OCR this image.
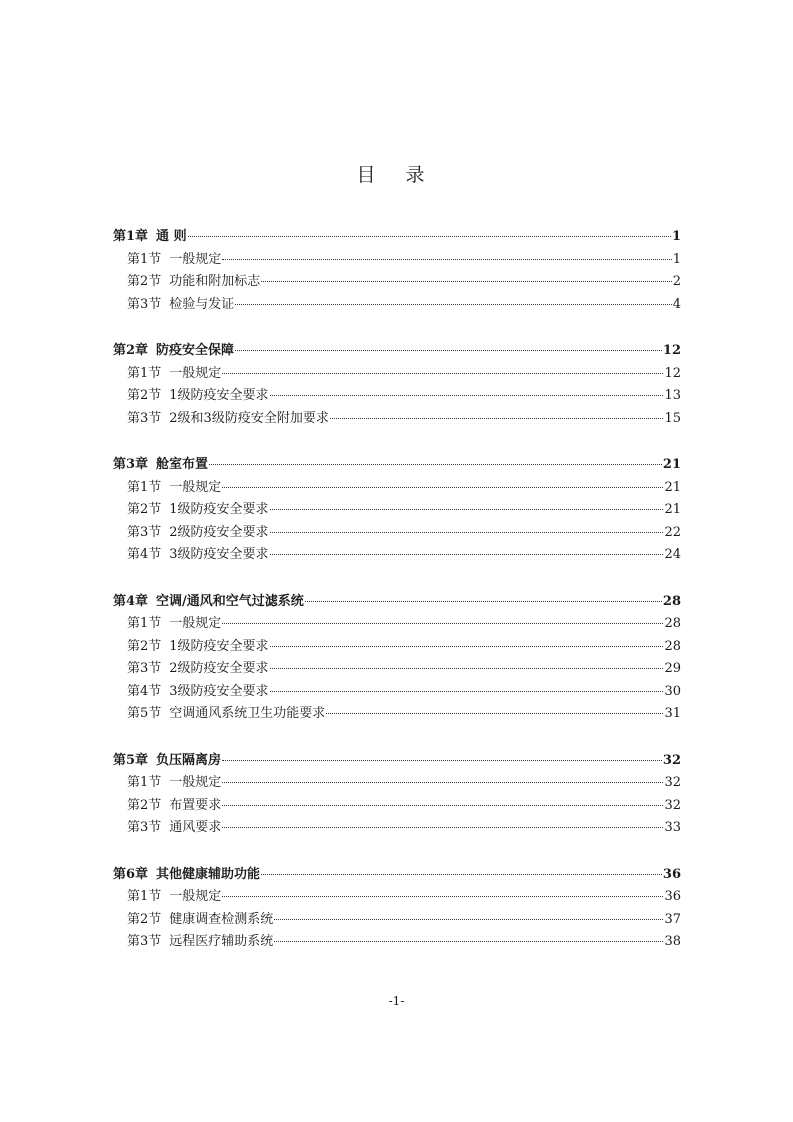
目 录
第1章 通 则	1
第1节 一般规定	1
第2节 功能和附加标志	2
第3节 检验与发证	4
第2章 防疫安全保障	12
第1节 一般规定	12
第2节 1级防疫安全要求	13
第3节 2级和3级防疫安全附加要求	15
第3章 舱室布置	21
第1节 一般规定	21
第2节 1级防疫安全要求	21
第3节 2级防疫安全要求	22
第4节 3级防疫安全要求	24
第4章 空调/通风和空气过滤系统	28
第1节 一般规定	28
第2节 1级防疫安全要求	28
第3节 2级防疫安全要求	29
第4节 3级防疫安全要求	30
第5节 空调通风系统卫生功能要求	31
第5章 负压隔离房	32
第1节 一般规定	32
第2节 布置要求	32
第3节 通风要求	33
第6章 其他健康辅助功能	36
第1节 一般规定	36
第2节 健康调查检测系统	37
第3节 远程医疗辅助系统	38
-1-
